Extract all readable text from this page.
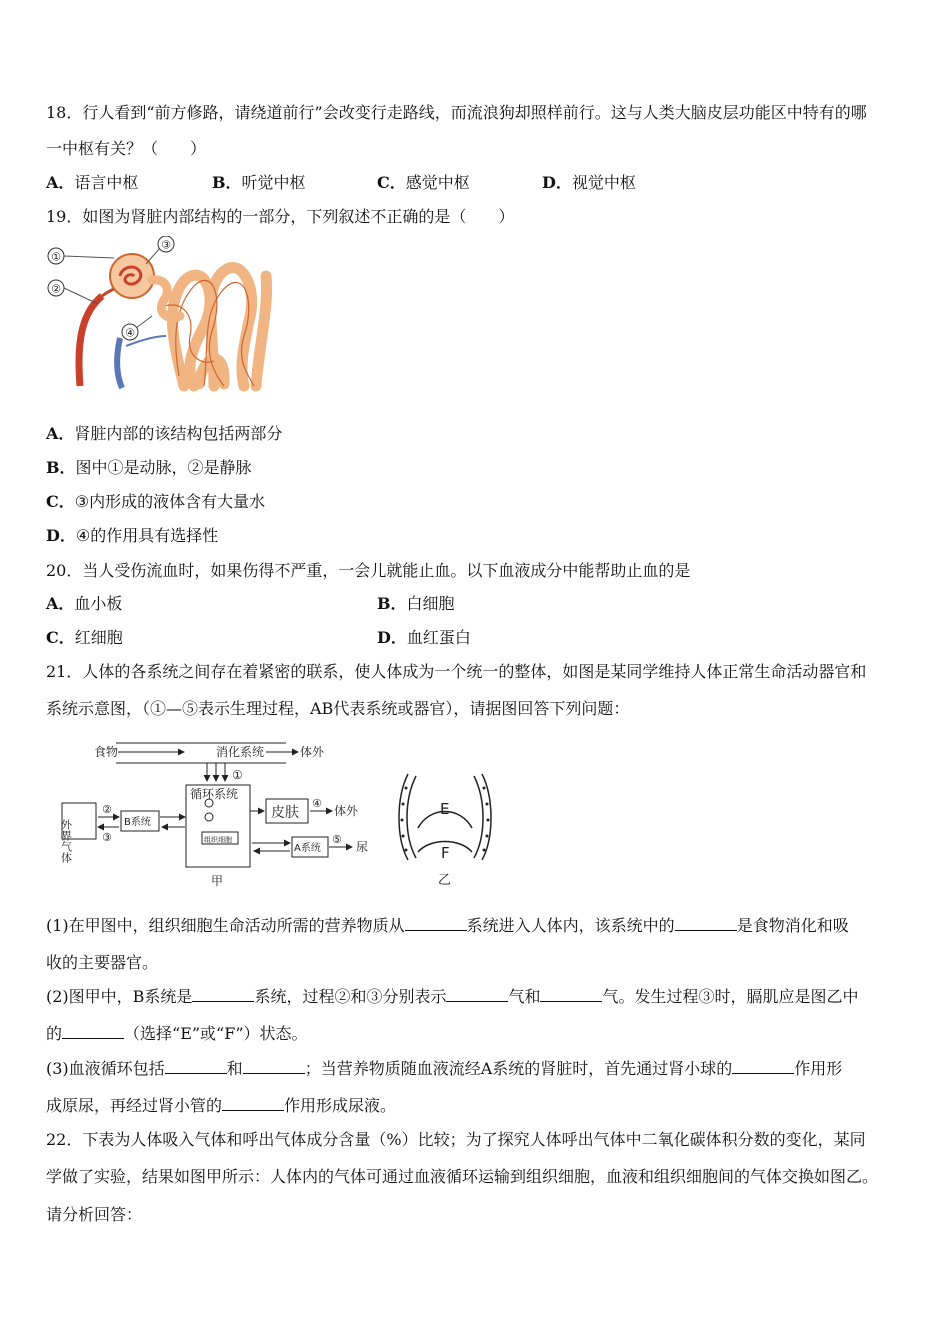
18．行人看到“前方修路，请绕道前行”会改变行走路线，而流浪狗却照样前行。这与人类大脑皮层功能区中特有的哪
一中枢有关？（　　）
A．语言中枢	B．听觉中枢	C．感觉中枢	D．视觉中枢
19．如图为肾脏内部结构的一部分，下列叙述不正确的是（　　）
①
②
③
④
A．肾脏内部的该结构包括两部分
B．图中①是动脉，②是静脉
C．③内形成的液体含有大量水
D．④的作用具有选择性
20．当人受伤流血时，如果伤得不严重，一会儿就能止血。以下血液成分中能帮助止血的是
A．血小板	B．白细胞
C．红细胞	D．血红蛋白
21．人体的各系统之间存在着紧密的联系，使人体成为一个统一的整体，如图是某同学维持人体正常生命活动器官和
系统示意图，（①—⑤表示生理过程，AB代表系统或器官），请据图回答下列问题：
食物	消化系统	体外
①
外界气体	B系统
②
③
循环系统
组织细胞
皮肤
④
体外
A系统
⑤
尿
甲
E
F
乙
(1)在甲图中，组织细胞生命活动所需的营养物质从	系统进入人体内，该系统中的	是食物消化和吸
收的主要器官。
(2)图甲中，B系统是	系统，过程②和③分别表示	气和	气。发生过程③时，膈肌应是图乙中
的	（选择“E”或“F”）状态。
(3)血液循环包括	和	；当营养物质随血液流经A系统的肾脏时，首先通过肾小球的	作用形
成原尿，再经过肾小管的	作用形成尿液。
22．下表为人体吸入气体和呼出气体成分含量（%）比较；为了探究人体呼出气体中二氧化碳体积分数的变化，某同
学做了实验，结果如图甲所示：人体内的气体可通过血液循环运输到组织细胞，血液和组织细胞间的气体交换如图乙。
请分析回答：
